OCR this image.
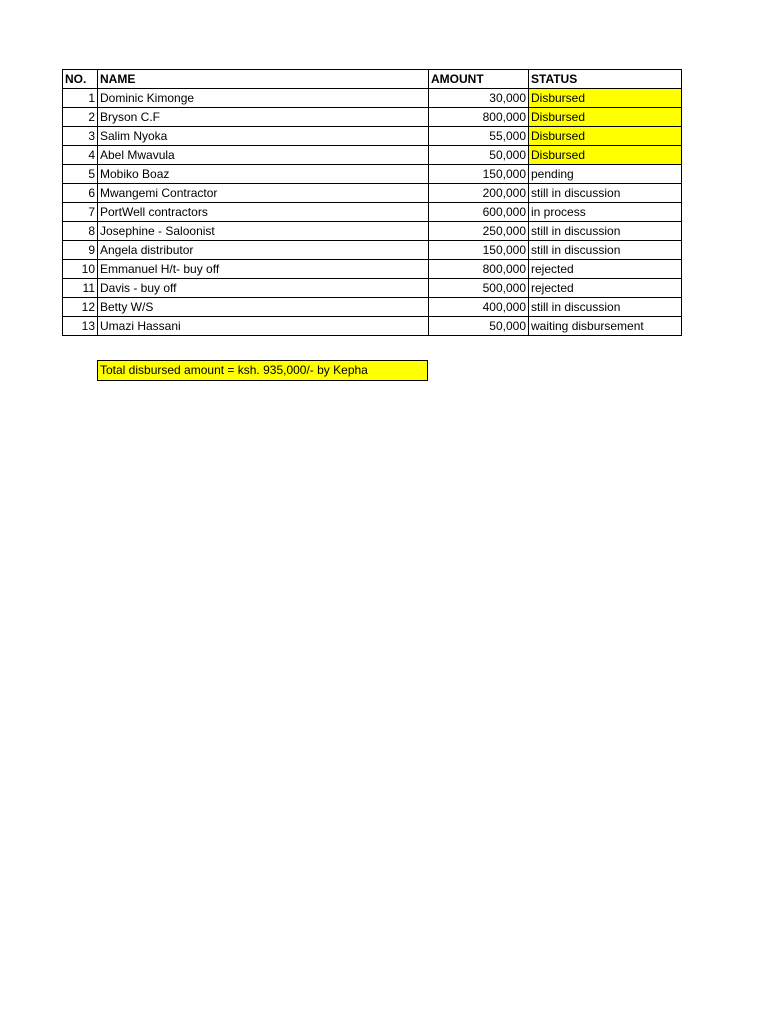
NO.	NAME	AMOUNT	STATUS
1	Dominic Kimonge	30,000	Disbursed
2	Bryson C.F	800,000	Disbursed
3	Salim Nyoka	55,000	Disbursed
4	Abel Mwavula	50,000	Disbursed
5	Mobiko Boaz	150,000	pending
6	Mwangemi Contractor	200,000	still in discussion
7	PortWell contractors	600,000	in process
8	Josephine - Saloonist	250,000	still in discussion
9	Angela distributor	150,000	still in discussion
10	Emmanuel H/t- buy off	800,000	rejected
11	Davis - buy off	500,000	rejected
12	Betty W/S	400,000	still in discussion
13	Umazi Hassani	50,000	waiting disbursement
Total disbursed amount = ksh. 935,000/- by Kepha
